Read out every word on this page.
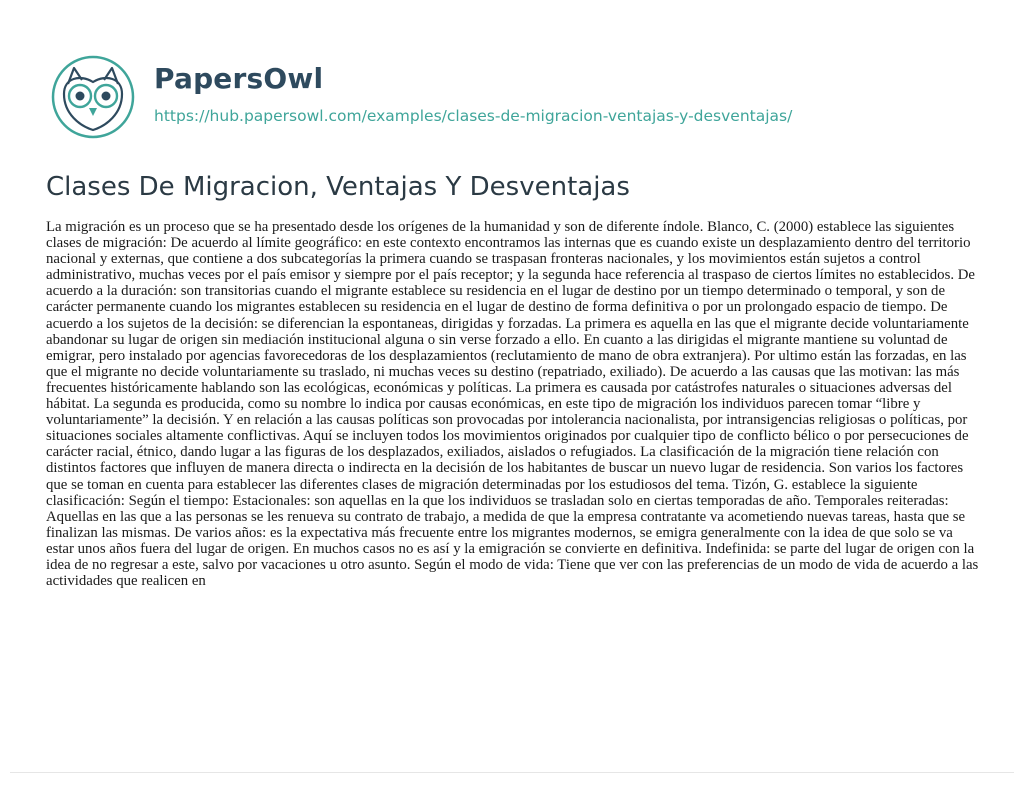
PapersOwl
https://hub.papersowl.com/examples/clases-de-migracion-ventajas-y-desventajas/
Clases De Migracion, Ventajas Y Desventajas

La migración es un proceso que se ha presentado desde los orígenes de la humanidad y son de diferente índole. Blanco, C. (2000) establece las siguientes clases de migración: De acuerdo al límite geográfico: en este contexto encontramos las internas que es cuando existe un desplazamiento dentro del territorio nacional y externas, que contiene a dos subcategorías la primera cuando se traspasan fronteras nacionales, y los movimientos están sujetos a control administrativo, muchas veces por el país emisor y siempre por el país receptor; y la segunda hace referencia al traspaso de ciertos límites no establecidos. De acuerdo a la duración: son transitorias cuando el migrante establece su residencia en el lugar de destino por un tiempo determinado o temporal, y son de carácter permanente cuando los migrantes establecen su residencia en el lugar de destino de forma definitiva o por un prolongado espacio de tiempo. De acuerdo a los sujetos de la decisión: se diferencian la espontaneas, dirigidas y forzadas. La primera es aquella en las que el migrante decide voluntariamente abandonar su lugar de origen sin mediación institucional alguna o sin verse forzado a ello. En cuanto a las dirigidas el migrante mantiene su voluntad de emigrar, pero instalado por agencias favorecedoras de los desplazamientos (reclutamiento de mano de obra extranjera). Por ultimo están las forzadas, en las que el migrante no decide voluntariamente su traslado, ni muchas veces su destino (repatriado, exiliado). De acuerdo a las causas que las motivan: las más frecuentes históricamente hablando son las ecológicas, económicas y políticas. La primera es causada por catástrofes naturales o situaciones adversas del hábitat. La segunda es producida, como su nombre lo indica por causas económicas, en este tipo de migración los individuos parecen tomar “libre y voluntariamente” la decisión. Y en relación a las causas políticas son provocadas por intolerancia nacionalista, por intransigencias religiosas o políticas, por situaciones sociales altamente conflictivas. Aquí se incluyen todos los movimientos originados por cualquier tipo de conflicto bélico o por persecuciones de carácter racial, étnico, dando lugar a las figuras de los desplazados, exiliados, aislados o refugiados. La clasificación de la migración tiene relación con distintos factores que influyen de manera directa o indirecta en la decisión de los habitantes de buscar un nuevo lugar de residencia. Son varios los factores que se toman en cuenta para establecer las diferentes clases de migración determinadas por los estudiosos del tema. Tizón, G. establece la siguiente clasificación: Según el tiempo: Estacionales: son aquellas en la que los individuos se trasladan solo en ciertas temporadas de año. Temporales reiteradas: Aquellas en las que a las personas se les renueva su contrato de trabajo, a medida de que la empresa contratante va acometiendo nuevas tareas, hasta que se finalizan las mismas. De varios años: es la expectativa más frecuente entre los migrantes modernos, se emigra generalmente con la idea de que solo se va estar unos años fuera del lugar de origen. En muchos casos no es así y la emigración se convierte en definitiva. Indefinida: se parte del lugar de origen con la idea de no regresar a este, salvo por vacaciones u otro asunto. Según el modo de vida: Tiene que ver con las preferencias de un modo de vida de acuerdo a las actividades que realicen en
